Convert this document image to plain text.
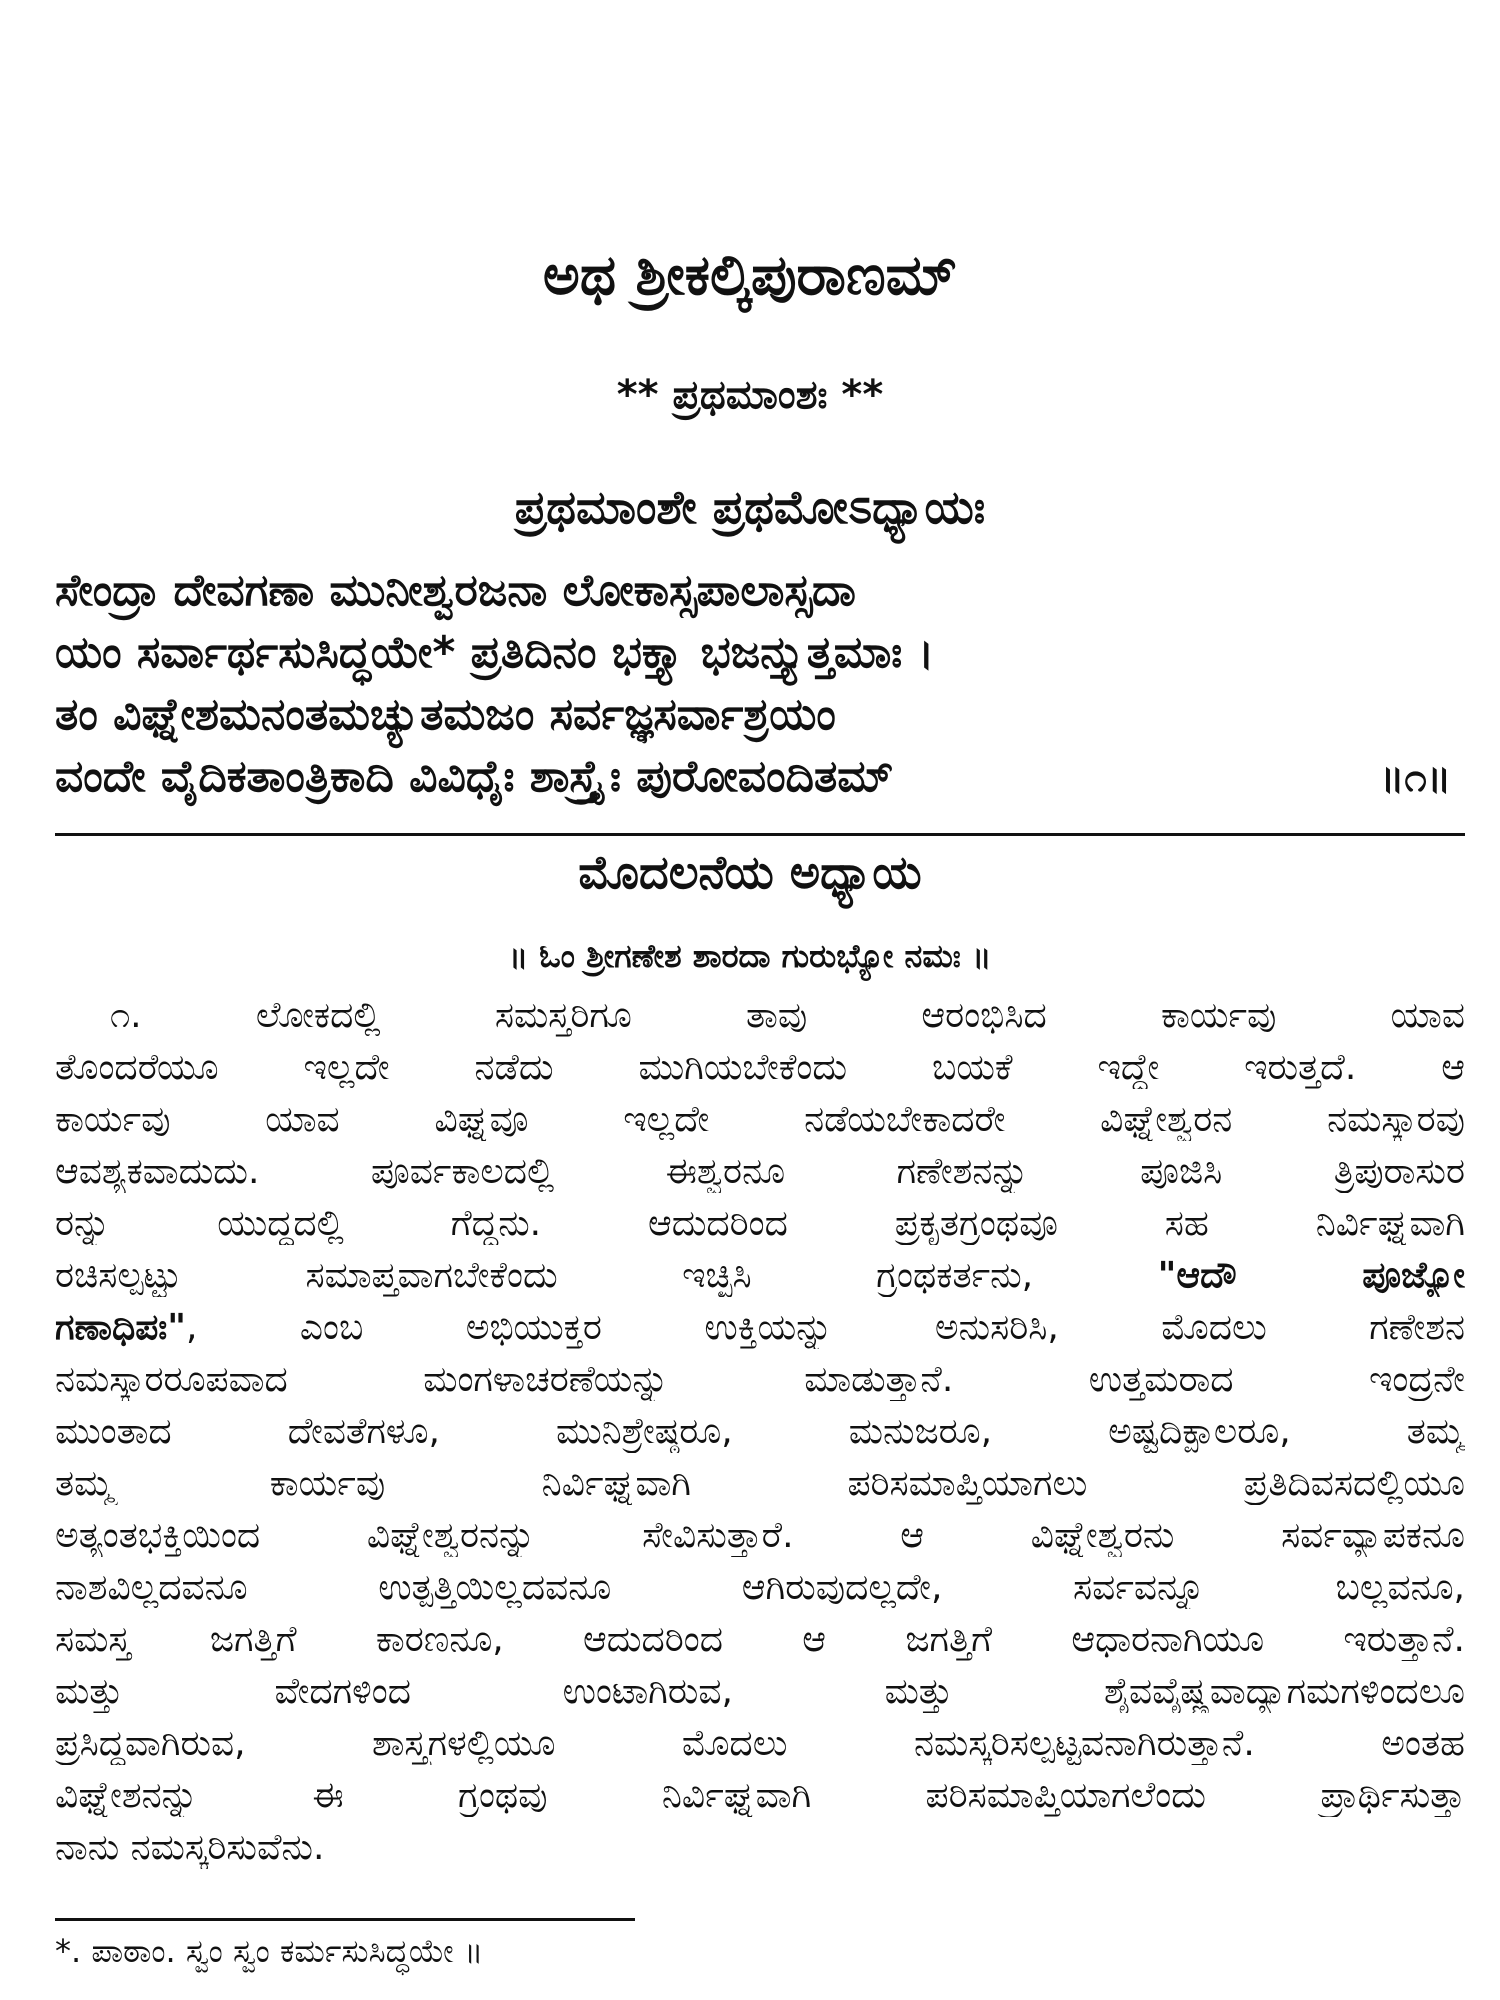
ಅಥ ಶ್ರೀಕಲ್ಕಿಪುರಾಣಮ್
** ಪ್ರಥಮಾಂಶಃ **
ಪ್ರಥಮಾಂಶೇ ಪ್ರಥಮೋಽಧ್ಯಾಯಃ
ಸೇಂದ್ರಾ ದೇವಗಣಾ ಮುನೀಶ್ವರಜನಾ ಲೋಕಾಸ್ಸಪಾಲಾಸ್ಸದಾ
ಯಂ ಸರ್ವಾರ್ಥಸುಸಿದ್ಧಯೇ* ಪ್ರತಿದಿನಂ ಭಕ್ತ್ಯಾ ಭಜನ್ತ್ಯುತ್ತಮಾಃ ।
ತಂ ವಿಘ್ನೇಶಮನಂತಮಚ್ಯುತಮಜಂ ಸರ್ವಜ್ಞಸರ್ವಾಶ್ರಯಂ
ವಂದೇ ವೈದಿಕತಾಂತ್ರಿಕಾದಿ ವಿವಿಧೈಃ ಶಾಸ್ತ್ರೈಃ ಪುರೋವಂದಿತಮ್	॥೧॥
ಮೊದಲನೆಯ ಅಧ್ಯಾಯ
॥ ಓಂ ಶ್ರೀಗಣೇಶ ಶಾರದಾ ಗುರುಭ್ಯೋ ನಮಃ ॥
೧. ಲೋಕದಲ್ಲಿ ಸಮಸ್ತರಿಗೂ ತಾವು ಆರಂಭಿಸಿದ ಕಾರ್ಯವು ಯಾವ
ತೊಂದರೆಯೂ ಇಲ್ಲದೇ ನಡೆದು ಮುಗಿಯಬೇಕೆಂದು ಬಯಕೆ ಇದ್ದೇ ಇರುತ್ತದೆ. ಆ
ಕಾರ್ಯವು ಯಾವ ವಿಘ್ನವೂ ಇಲ್ಲದೇ ನಡೆಯಬೇಕಾದರೇ ವಿಘ್ನೇಶ್ವರನ ನಮಸ್ಕಾರವು
ಆವಶ್ಯಕವಾದುದು. ಪೂರ್ವಕಾಲದಲ್ಲಿ ಈಶ್ವರನೂ ಗಣೇಶನನ್ನು ಪೂಜಿಸಿ ತ್ರಿಪುರಾಸುರ
ರನ್ನು ಯುದ್ಧದಲ್ಲಿ ಗೆದ್ದನು. ಆದುದರಿಂದ ಪ್ರಕೃತಗ್ರಂಥವೂ ಸಹ ನಿರ್ವಿಘ್ನವಾಗಿ
ರಚಿಸಲ್ಪಟ್ಟು ಸಮಾಪ್ತವಾಗಬೇಕೆಂದು ಇಚ್ಛಿಸಿ ಗ್ರಂಥಕರ್ತನು, "ಆದೌ ಪೂಜ್ಯೋ
ಗಣಾಧಿಪಃ", ಎಂಬ ಅಭಿಯುಕ್ತರ ಉಕ್ತಿಯನ್ನು ಅನುಸರಿಸಿ, ಮೊದಲು ಗಣೇಶನ
ನಮಸ್ಕಾರರೂಪವಾದ ಮಂಗಳಾಚರಣೆಯನ್ನು ಮಾಡುತ್ತಾನೆ. ಉತ್ತಮರಾದ ಇಂದ್ರನೇ
ಮುಂತಾದ ದೇವತೆಗಳೂ, ಮುನಿಶ್ರೇಷ್ಠರೂ, ಮನುಜರೂ, ಅಷ್ಟದಿಕ್ಪಾಲರೂ, ತಮ್ಮ
ತಮ್ಮ ಕಾರ್ಯವು ನಿರ್ವಿಘ್ನವಾಗಿ ಪರಿಸಮಾಪ್ತಿಯಾಗಲು ಪ್ರತಿದಿವಸದಲ್ಲಿಯೂ
ಅತ್ಯಂತಭಕ್ತಿಯಿಂದ ವಿಘ್ನೇಶ್ವರನನ್ನು ಸೇವಿಸುತ್ತಾರೆ. ಆ ವಿಘ್ನೇಶ್ವರನು ಸರ್ವವ್ಯಾಪಕನೂ
ನಾಶವಿಲ್ಲದವನೂ ಉತ್ಪತ್ತಿಯಿಲ್ಲದವನೂ ಆಗಿರುವುದಲ್ಲದೇ, ಸರ್ವವನ್ನೂ ಬಲ್ಲವನೂ,
ಸಮಸ್ತ ಜಗತ್ತಿಗೆ ಕಾರಣನೂ, ಆದುದರಿಂದ ಆ ಜಗತ್ತಿಗೆ ಆಧಾರನಾಗಿಯೂ ಇರುತ್ತಾನೆ.
ಮತ್ತು ವೇದಗಳಿಂದ ಉಂಟಾಗಿರುವ, ಮತ್ತು ಶೈವವೈಷ್ಣವಾದ್ಯಾಗಮಗಳಿಂದಲೂ
ಪ್ರಸಿದ್ಧವಾಗಿರುವ, ಶಾಸ್ತ್ರಗಳಲ್ಲಿಯೂ ಮೊದಲು ನಮಸ್ಕರಿಸಲ್ಪಟ್ಟವನಾಗಿರುತ್ತಾನೆ. ಅಂತಹ
ವಿಘ್ನೇಶನನ್ನು ಈ ಗ್ರಂಥವು ನಿರ್ವಿಘ್ನವಾಗಿ ಪರಿಸಮಾಪ್ತಿಯಾಗಲೆಂದು ಪ್ರಾರ್ಥಿಸುತ್ತಾ
ನಾನು ನಮಸ್ಕರಿಸುವೆನು.
*. ಪಾಠಾಂ. ಸ್ವಂ ಸ್ವಂ ಕರ್ಮಸುಸಿದ್ಧಯೇ ॥
